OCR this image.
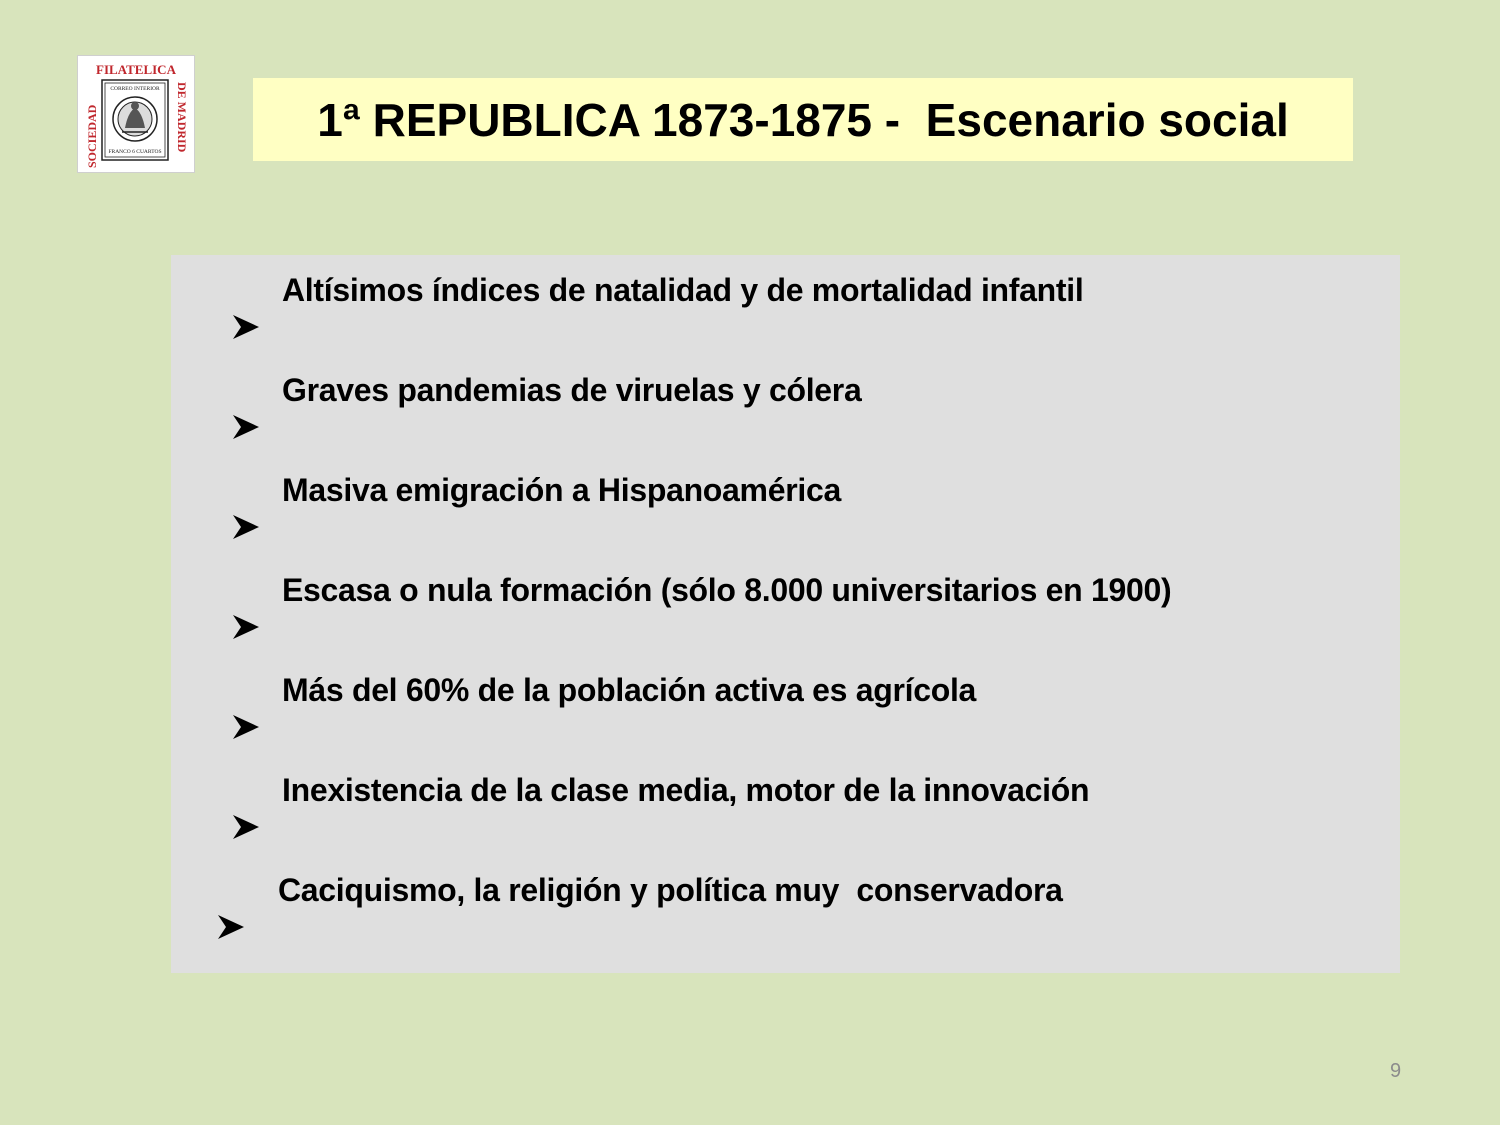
FILATELICA
SOCIEDAD	DE MADRID
CORREO INTERIOR
FRANCO 6 CUARTOS
1ª REPUBLICA 1873-1875 -  Escenario social

Altísimos índices de natalidad y de mortalidad infantil

Graves pandemias de viruelas y cólera

Masiva emigración a Hispanoamérica

Escasa o nula formación (sólo 8.000 universitarios en 1900)

Más del 60% de la población activa es agrícola

Inexistencia de la clase media, motor de la innovación

Caciquismo, la religión y política muy  conservadora
9
